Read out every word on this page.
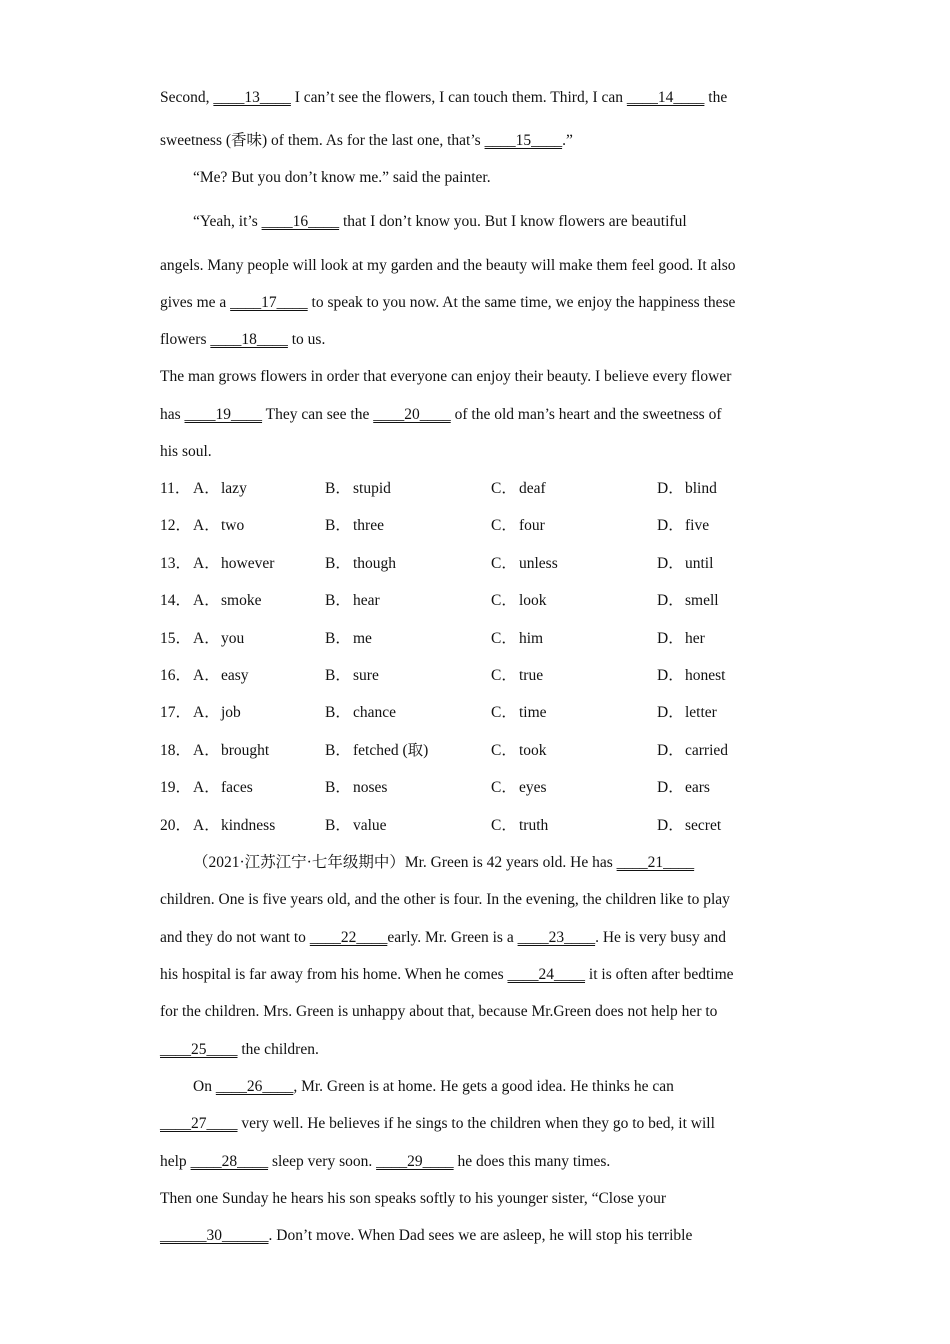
Second, ____13____ I can’t see the flowers, I can touch them. Third, I can ____14____ the
sweetness (香味) of them. As for the last one, that’s ____15____.”
“Me? But you don’t know me.” said the painter.
“Yeah, it’s ____16____ that I don’t know you. But I know flowers are beautiful
angels. Many people will look at my garden and the beauty will make them feel good. It also
gives me a ____17____ to speak to you now. At the same time, we enjoy the happiness these
flowers ____18____ to us.
The man grows flowers in order that everyone can enjoy their beauty. I believe every flower
has ____19____ They can see the ____20____ of the old man’s heart and the sweetness of
his soul.
11． A．lazy	B． stupid	C． deaf	D．blind
12． A．two	B． three	C． four	D．five
13． A．however	B． though	C． unless	D．until
14． A．smoke	B． hear	C． look	D．smell
15． A．you	B． me	C． him	D．her
16． A．easy	B． sure	C． true	D．honest
17． A．job	B． chance	C． time	D．letter
18． A．brought	B． fetched (取)	C． took	D．carried
19． A．faces	B． noses	C． eyes	D．ears
20． A．kindness	B． value	C． truth	D．secret
（2021·江苏江宁·七年级期中）Mr. Green is 42 years old. He has ____21____
children. One is five years old, and the other is four. In the evening, the children like to play
and they do not want to ____22____early. Mr. Green is a ____23____. He is very busy and
his hospital is far away from his home. When he comes ____24____ it is often after bedtime
for the children. Mrs. Green is unhappy about that, because Mr.Green does not help her to
____25____ the children.
On ____26____, Mr. Green is at home. He gets a good idea. He thinks he can
____27____ very well. He believes if he sings to the children when they go to bed, it will
help ____28____ sleep very soon. ____29____ he does this many times.
Then one Sunday he hears his son speaks softly to his younger sister, “Close your
______30______. Don’t move. When Dad sees we are asleep, he will stop his terrible
